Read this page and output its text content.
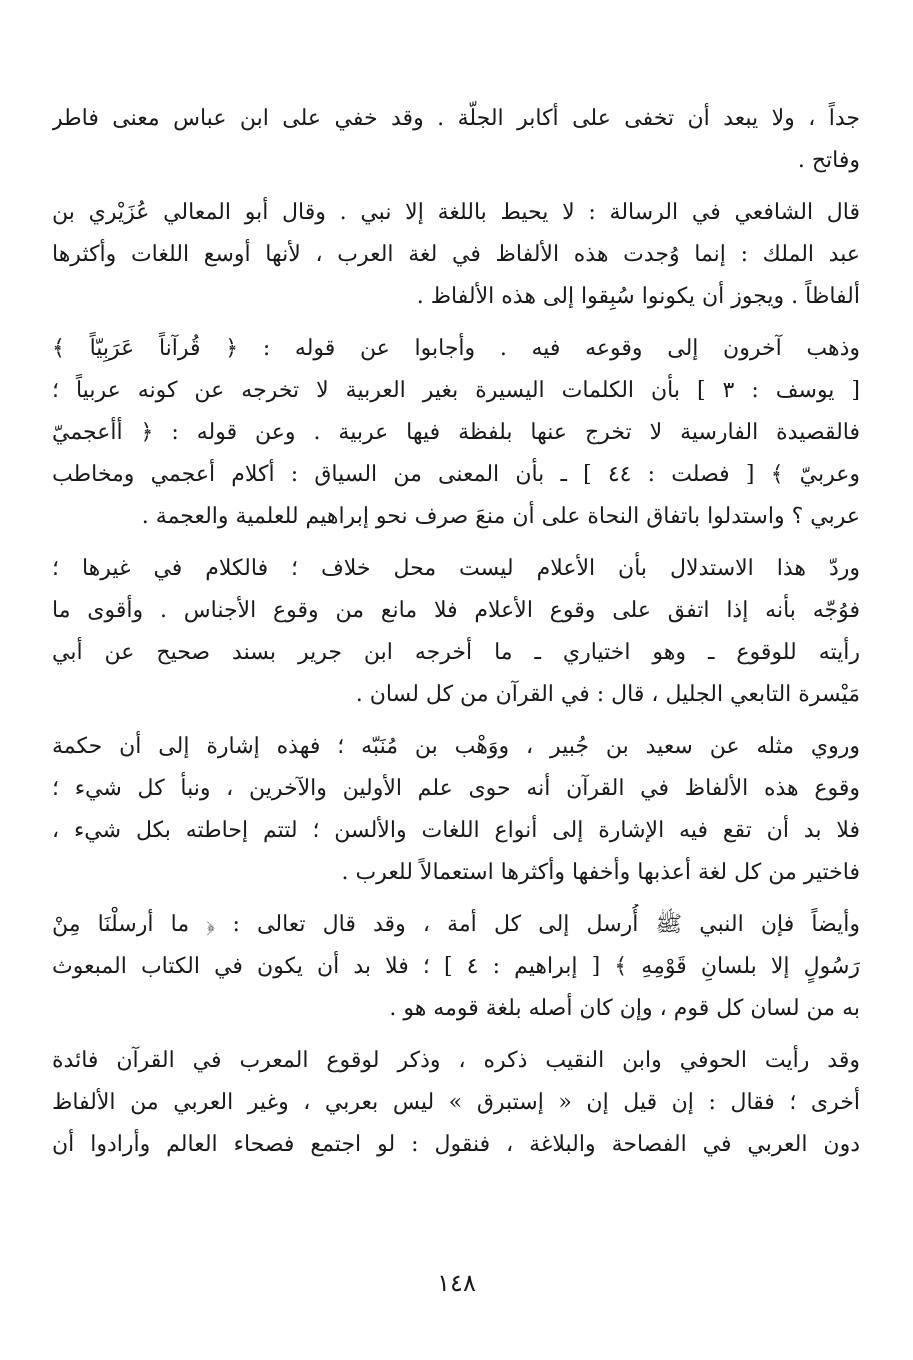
جداً ، ولا يبعد أن تخفى على أكابر الجلّة . وقد خفي على ابن عباس معنى فاطر
وفاتح .
قال الشافعي في الرسالة : لا يحيط باللغة إلا نبي . وقال أبو المعالي عُزَيْري بن
عبد الملك : إنما وُجدت هذه الألفاظ في لغة العرب ، لأنها أوسع اللغات وأكثرها
ألفاظاً . ويجوز أن يكونوا سُبِقوا إلى هذه الألفاظ .
وذهب آخرون إلى وقوعه فيه . وأجابوا عن قوله : ﴿ قُرآناً عَرَبِيّاً ﴾
[ يوسف : ٣ ] بأن الكلمات اليسيرة بغير العربية لا تخرجه عن كونه عربياً ؛
فالقصيدة الفارسية لا تخرج عنها بلفظة فيها عربية . وعن قوله : ﴿ أأعجميّ
وعربيّ ﴾ [ فصلت : ٤٤ ] ـ بأن المعنى من السياق : أكلام أعجمي ومخاطب
عربي ؟ واستدلوا باتفاق النحاة على أن منعَ صرف نحو إبراهيم للعلمية والعجمة .
وردّ هذا الاستدلال بأن الأعلام ليست محل خلاف ؛ فالكلام في غيرها ؛
فوُجّه بأنه إذا اتفق على وقوع الأعلام فلا مانع من وقوع الأجناس . وأقوى ما
رأيته للوقوع ـ وهو اختياري ـ ما أخرجه ابن جرير بسند صحيح عن أبي
مَيْسرة التابعي الجليل ، قال : في القرآن من كل لسان .
وروي مثله عن سعيد بن جُبير ، ووَهْب بن مُنَبّه ؛ فهذه إشارة إلى أن حكمة
وقوع هذه الألفاظ في القرآن أنه حوى علم الأولين والآخرين ، ونبأ كل شيء ؛
فلا بد أن تقع فيه الإشارة إلى أنواع اللغات والألسن ؛ لتتم إحاطته بكل شيء ،
فاختير من كل لغة أعذبها وأخفها وأكثرها استعمالاً للعرب .
وأيضاً فإن النبي ﷺ أُرسل إلى كل أمة ، وقد قال تعالى : ﴿ ما أرسلْنَا مِنْ
رَسُولٍ إلا بلسانِ قَوْمِهِ ﴾ [ إبراهيم : ٤ ] ؛ فلا بد أن يكون في الكتاب المبعوث
به من لسان كل قوم ، وإن كان أصله بلغة قومه هو .
وقد رأيت الحوفي وابن النقيب ذكره ، وذكر لوقوع المعرب في القرآن فائدة
أخرى ؛ فقال : إن قيل إن « إستبرق » ليس بعربي ، وغير العربي من الألفاظ
دون العربي في الفصاحة والبلاغة ، فنقول : لو اجتمع فصحاء العالم وأرادوا أن
١٤٨
